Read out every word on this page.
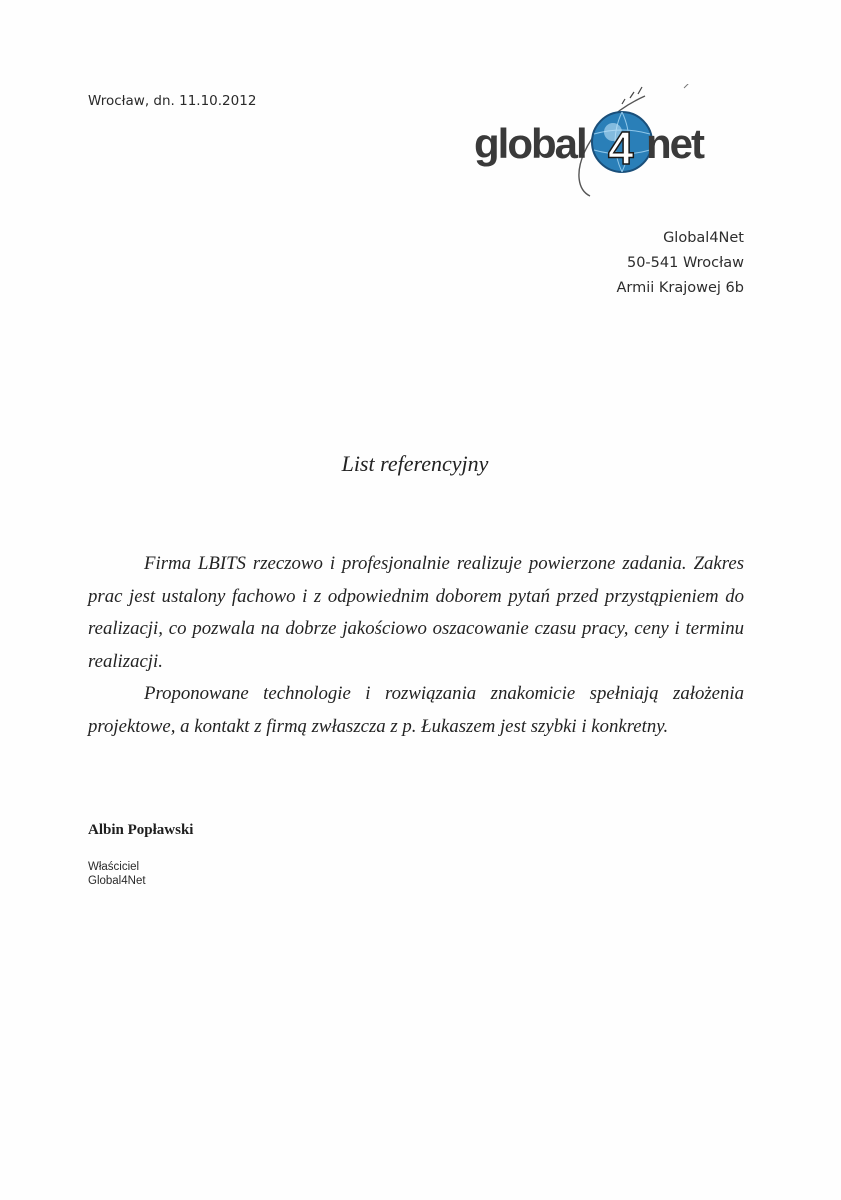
Wrocław, dn. 11.10.2012
global 4 net
Global4Net
50-541 Wrocław
Armii Krajowej 6b
List referencyjny

Firma LBITS rzeczowo i profesjonalnie realizuje powierzone zadania. Zakres prac jest ustalony fachowo i z odpowiednim doborem pytań przed przystąpieniem do realizacji, co pozwala na dobrze jakościowo oszacowanie czasu pracy, ceny i terminu realizacji.

Proponowane technologie i rozwiązania znakomicie spełniają założenia projektowe, a kontakt z firmą zwłaszcza z p. Łukaszem jest szybki i konkretny.

Albin Popławski
Właściciel
Global4Net
